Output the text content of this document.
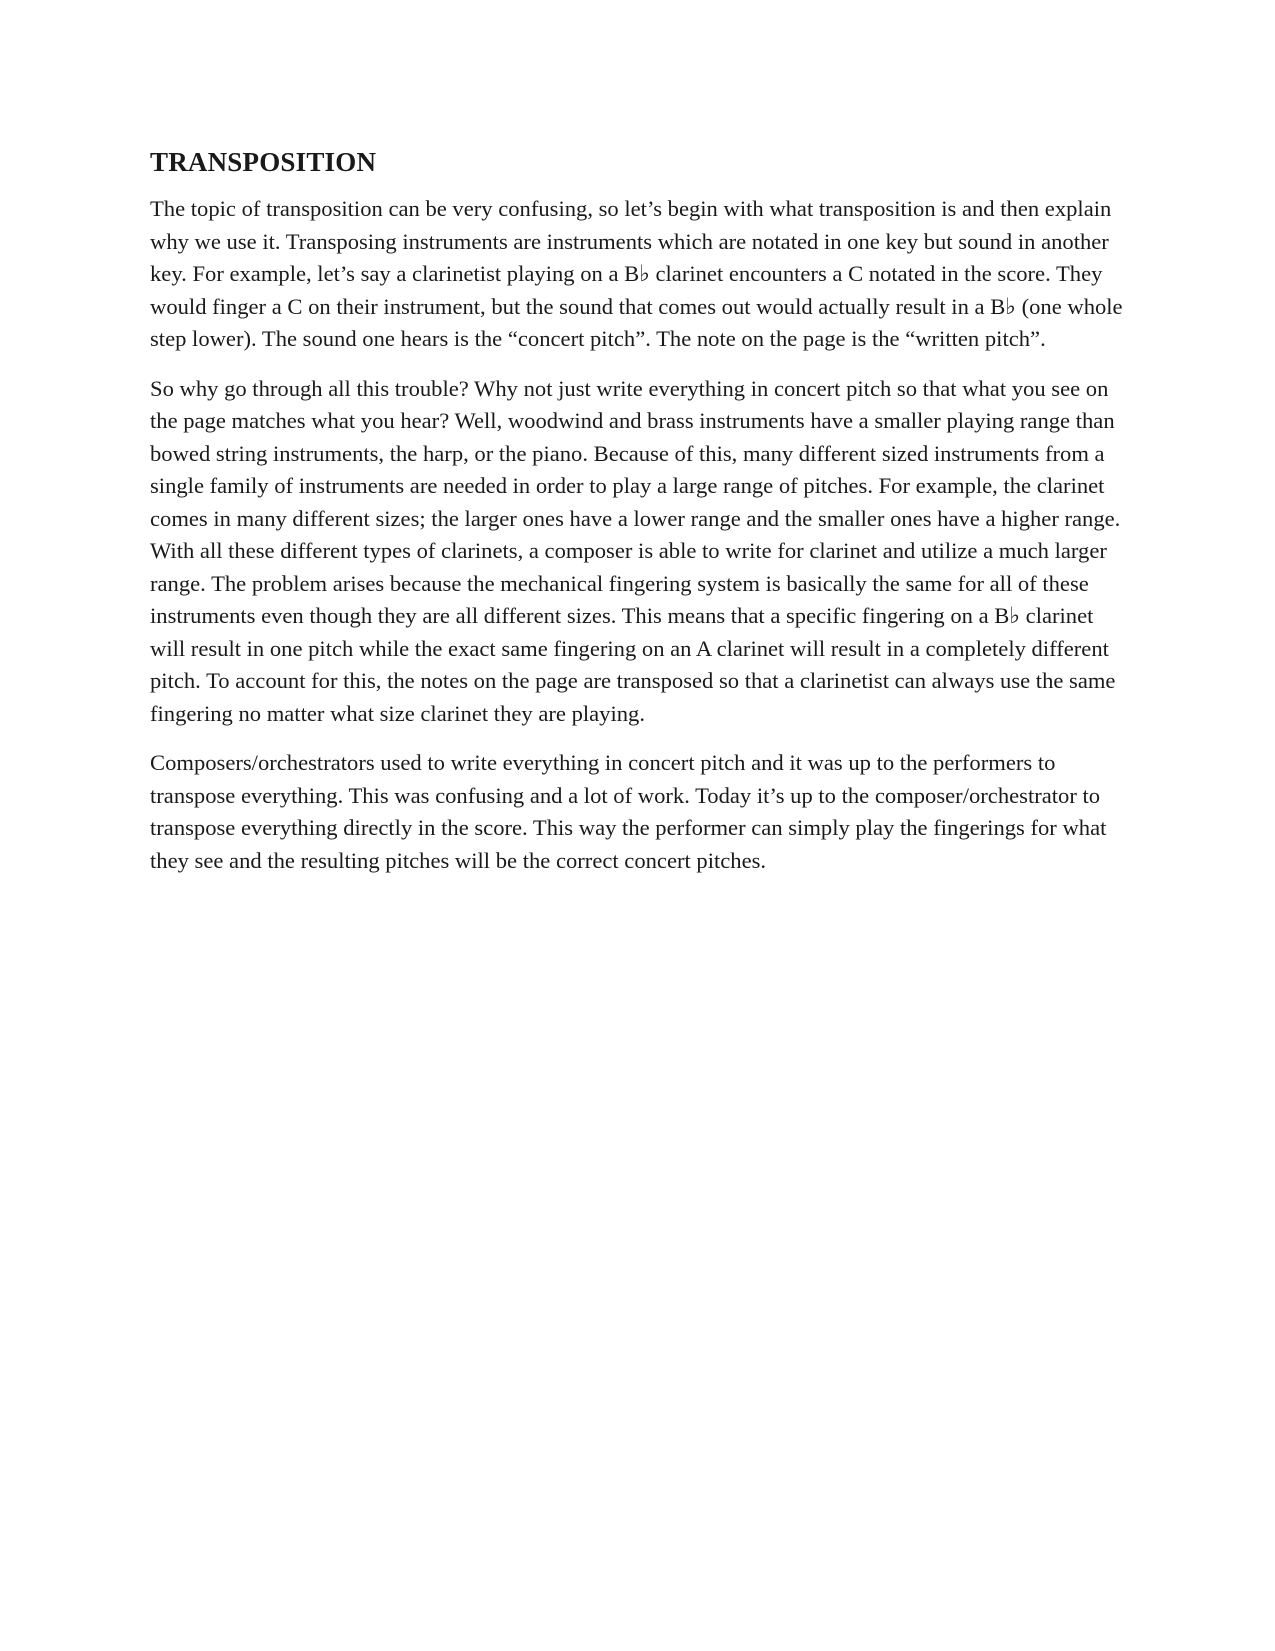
TRANSPOSITION

The topic of transposition can be very confusing, so let’s begin with what transposition is and then explain why we use it. Transposing instruments are instruments which are notated in one key but sound in another key. For example, let’s say a clarinetist playing on a B♭ clarinet encounters a C notated in the score. They would finger a C on their instrument, but the sound that comes out would actually result in a B♭ (one whole step lower). The sound one hears is the “concert pitch”. The note on the page is the “written pitch”.

So why go through all this trouble? Why not just write everything in concert pitch so that what you see on the page matches what you hear? Well, woodwind and brass instruments have a smaller playing range than bowed string instruments, the harp, or the piano. Because of this, many different sized instruments from a single family of instruments are needed in order to play a large range of pitches. For example, the clarinet comes in many different sizes; the larger ones have a lower range and the smaller ones have a higher range. With all these different types of clarinets, a composer is able to write for clarinet and utilize a much larger range. The problem arises because the mechanical fingering system is basically the same for all of these instruments even though they are all different sizes. This means that a specific fingering on a B♭ clarinet will result in one pitch while the exact same fingering on an A clarinet will result in a completely different pitch. To account for this, the notes on the page are transposed so that a clarinetist can always use the same fingering no matter what size clarinet they are playing.

Composers/orchestrators used to write everything in concert pitch and it was up to the performers to transpose everything. This was confusing and a lot of work. Today it’s up to the composer/orchestrator to transpose everything directly in the score. This way the performer can simply play the fingerings for what they see and the resulting pitches will be the correct concert pitches.
